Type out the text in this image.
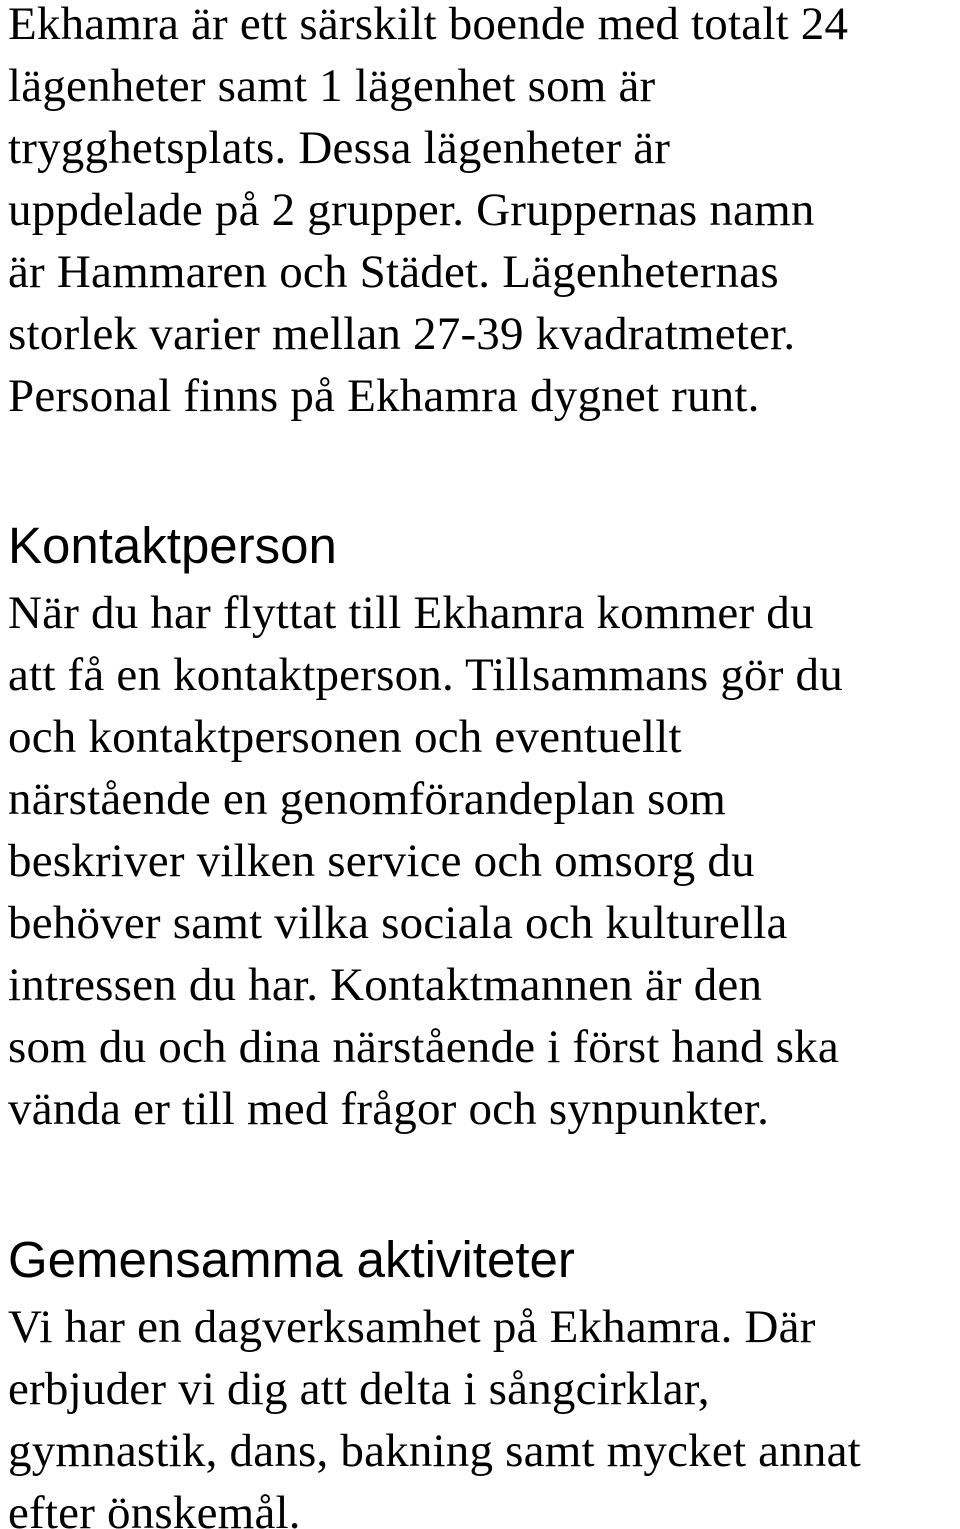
Ekhamra är ett särskilt boende med totalt 24
lägenheter samt 1 lägenhet som är
trygghetsplats. Dessa lägenheter är
uppdelade på 2 grupper. Gruppernas namn
är Hammaren och Städet. Lägenheternas
storlek varier mellan 27-39 kvadratmeter.
Personal finns på Ekhamra dygnet runt.
Kontaktperson
När du har flyttat till Ekhamra kommer du
att få en kontaktperson. Tillsammans gör du
och kontaktpersonen och eventuellt
närstående en genomförandeplan som
beskriver vilken service och omsorg du
behöver samt vilka sociala och kulturella
intressen du har. Kontaktmannen är den
som du och dina närstående i först hand ska
vända er till med frågor och synpunkter.
Gemensamma aktiviteter
Vi har en dagverksamhet på Ekhamra. Där
erbjuder vi dig att delta i sångcirklar,
gymnastik, dans, bakning samt mycket annat
efter önskemål.
